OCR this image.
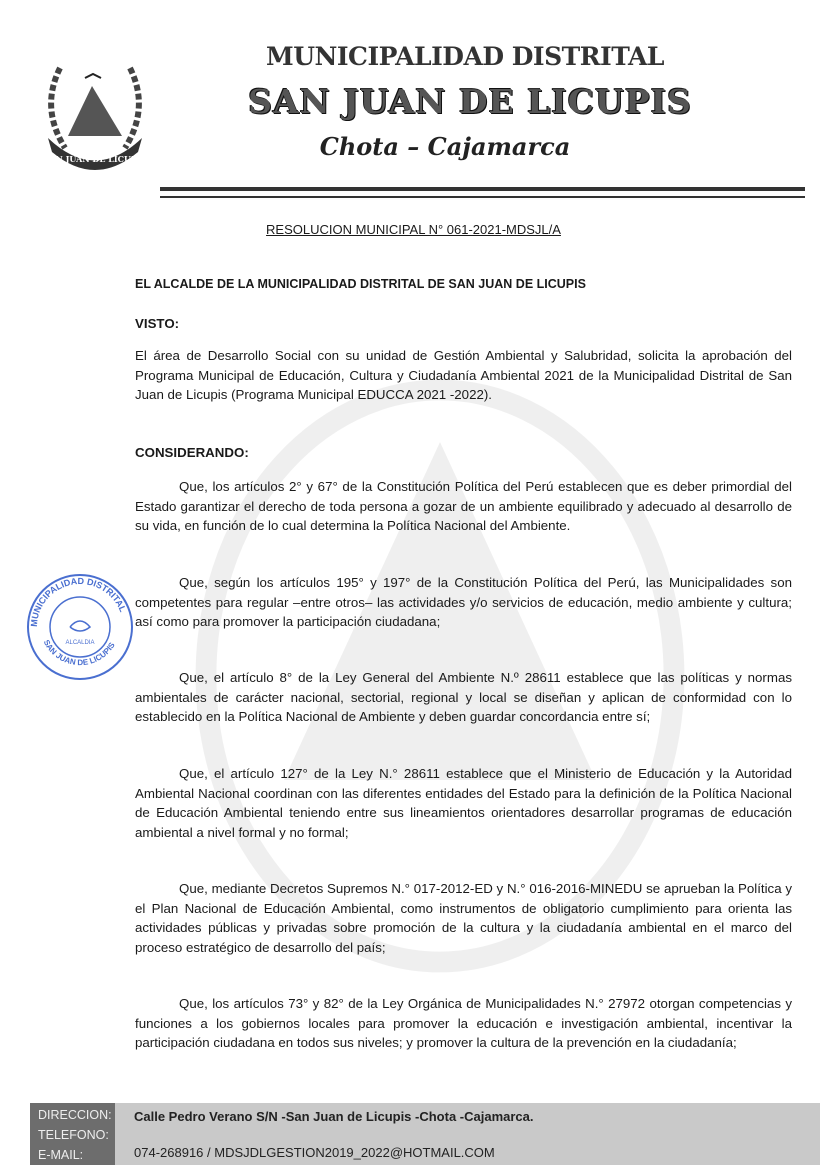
SAN JUAN DE LICUPIS
MUNICIPALIDAD DISTRITAL
SAN JUAN DE LICUPIS
Chota – Cajamarca
RESOLUCION MUNICIPAL N° 061-2021-MDSJL/A
EL ALCALDE DE LA MUNICIPALIDAD DISTRITAL DE SAN JUAN DE LICUPIS
VISTO:
El área de Desarrollo Social con su unidad de Gestión Ambiental y Salubridad, solicita la aprobación del Programa Municipal de Educación, Cultura y Ciudadanía Ambiental 2021 de la Municipalidad Distrital de San Juan de Licupis (Programa Municipal EDUCCA 2021 -2022).
CONSIDERANDO:
Que, los artículos 2° y 67° de la Constitución Política del Perú establecen que es deber primordial del Estado garantizar el derecho de toda persona a gozar de un ambiente equilibrado y adecuado al desarrollo de su vida, en función de lo cual determina la Política Nacional del Ambiente.
Que, según los artículos 195° y 197° de la Constitución Política del Perú, las Municipalidades son competentes para regular –entre otros– las actividades y/o servicios de educación, medio ambiente y cultura; así como para promover la participación ciudadana;
Que, el artículo 8° de la Ley General del Ambiente N.º 28611 establece que las políticas y normas ambientales de carácter nacional, sectorial, regional y local se diseñan y aplican de conformidad con lo establecido en la Política Nacional de Ambiente y deben guardar concordancia entre sí;
Que, el artículo 127° de la Ley N.° 28611 establece que el Ministerio de Educación y la Autoridad Ambiental Nacional coordinan con las diferentes entidades del Estado para la definición de la Política Nacional de Educación Ambiental teniendo entre sus lineamientos orientadores desarrollar programas de educación ambiental a nivel formal y no formal;
Que, mediante Decretos Supremos N.° 017-2012-ED y N.° 016-2016-MINEDU se aprueban la Política y el Plan Nacional de Educación Ambiental, como instrumentos de obligatorio cumplimiento para orienta las actividades públicas y privadas sobre promoción de la cultura y la ciudadanía ambiental en el marco del proceso estratégico de desarrollo del país;
Que, los artículos 73° y 82° de la Ley Orgánica de Municipalidades N.° 27972 otorgan competencias y funciones a los gobiernos locales para promover la educación e investigación ambiental, incentivar la participación ciudadana en todos sus niveles; y promover la cultura de la prevención en la ciudadanía;
MUNICIPALIDAD DISTRITAL
SAN JUAN DE LICUPIS
ALCALDIA
DIRECCION:
TELEFONO:
E-MAIL:
Calle Pedro Verano S/N -San Juan de Licupis -Chota -Cajamarca.
074-268916 / MDSJDLGESTION2019_2022@HOTMAIL.COM
